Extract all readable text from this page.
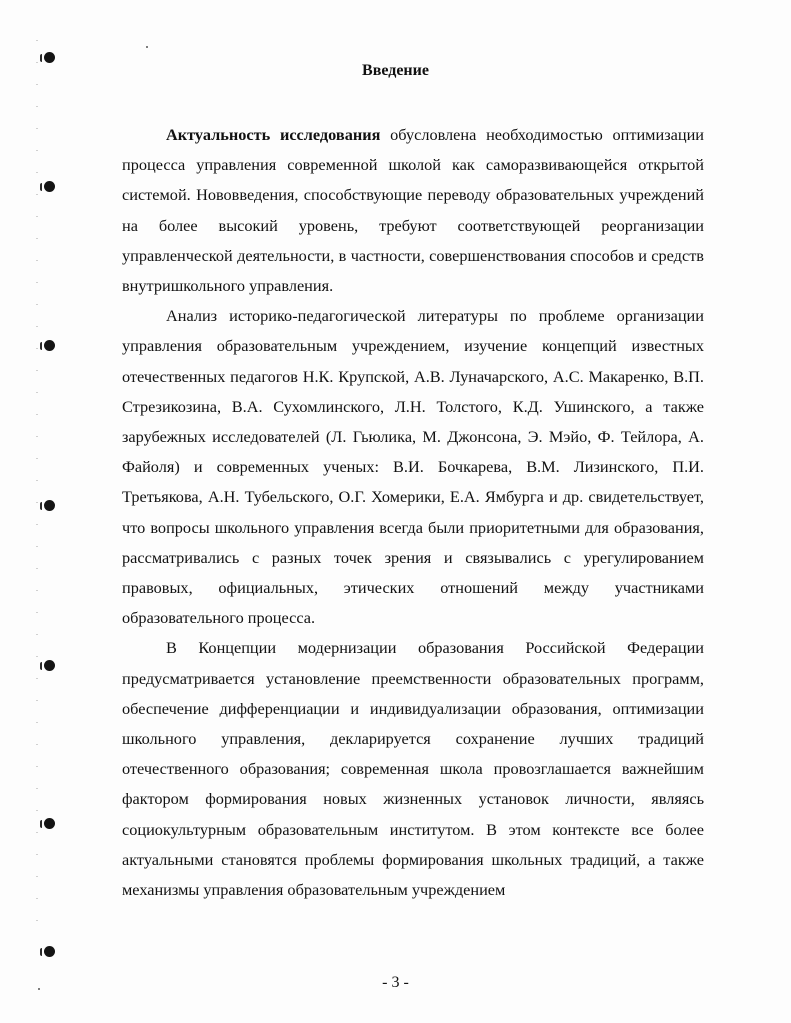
Введение

Актуальность исследования обусловлена необходимостью оптимизации процесса управления современной школой как саморазвивающейся открытой системой. Нововведения, способствующие переводу образовательных учреждений на более высокий уровень, требуют соответствующей реорганизации управленческой деятельности, в частности, совершенствования способов и средств внутришкольного управления.

Анализ историко-педагогической литературы по проблеме организации управления образовательным учреждением, изучение концепций известных отечественных педагогов Н.К. Крупской, А.В. Луначарского, А.С. Макаренко, В.П. Стрезикозина, В.А. Сухомлинского, Л.Н. Толстого, К.Д. Ушинского, а также зарубежных исследователей (Л. Гьюлика, М. Джонсона, Э. Мэйо, Ф. Тейлора, А. Файоля) и современных ученых: В.И. Бочкарева, В.М. Лизинского, П.И. Третьякова, А.Н. Тубельского, О.Г. Хомерики, Е.А. Ямбурга и др. свидетельствует, что вопросы школьного управления всегда были приоритетными для образования, рассматривались с разных точек зрения и связывались с урегулированием правовых, официальных, этических отношений между участниками образовательного процесса.

В Концепции модернизации образования Российской Федерации предусматривается установление преемственности образовательных программ, обеспечение дифференциации и индивидуализации образования, оптимизации школьного управления, декларируется сохранение лучших традиций отечественного образования; современная школа провозглашается важнейшим фактором формирования новых жизненных установок личности, являясь социокультурным образовательным институтом. В этом контексте все более актуальными становятся проблемы формирования школьных традиций, а также механизмы управления образовательным учреждением

- 3 -
